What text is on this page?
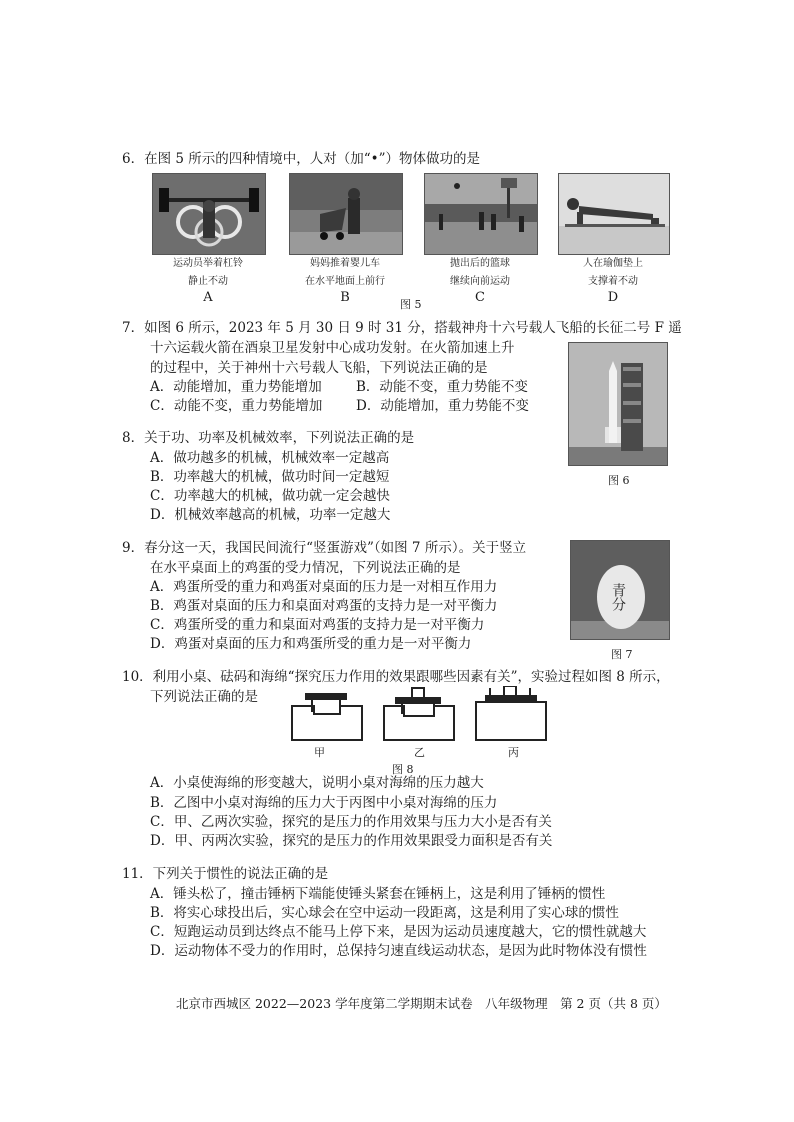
6．在图 5 所示的四种情境中，人对（加“•”）物体做功的是
运动员举着杠铃
静止不动
妈妈推着婴儿车
在水平地面上前行
抛出后的篮球
继续向前运动
人在瑜伽垫上
支撑着不动
A	B	图 5	C	D
7．如图 6 所示，2023 年 5 月 30 日 9 时 31 分，搭载神舟十六号载人飞船的长征二号 F 遥
十六运载火箭在酒泉卫星发射中心成功发射。在火箭加速上升
的过程中，关于神州十六号载人飞船，下列说法正确的是
A．动能增加，重力势能增加	B．动能不变，重力势能不变
C．动能不变，重力势能增加 D．动能增加，重力势能不变
图 6
8．关于功、功率及机械效率，下列说法正确的是
A．做功越多的机械，机械效率一定越高
B．功率越大的机械，做功时间一定越短
C．功率越大的机械，做功就一定会越快
D．机械效率越高的机械，功率一定越大
9．春分这一天，我国民间流行“竖蛋游戏”（如图 7 所示）。关于竖立
在水平桌面上的鸡蛋的受力情况，下列说法正确的是
A．鸡蛋所受的重力和鸡蛋对桌面的压力是一对相互作用力
B．鸡蛋对桌面的压力和桌面对鸡蛋的支持力是一对平衡力
C．鸡蛋所受的重力和桌面对鸡蛋的支持力是一对平衡力
D．鸡蛋对桌面的压力和鸡蛋所受的重力是一对平衡力
青分
图 7
10．利用小桌、砝码和海绵“探究压力作用的效果跟哪些因素有关”，实验过程如图 8 所示，
下列说法正确的是
甲	乙	丙
图 8
A．小桌使海绵的形变越大，说明小桌对海绵的压力越大
B．乙图中小桌对海绵的压力大于丙图中小桌对海绵的压力
C．甲、乙两次实验，探究的是压力的作用效果与压力大小是否有关
D．甲、丙两次实验，探究的是压力的作用效果跟受力面积是否有关
11．下列关于惯性的说法正确的是
A．锤头松了，撞击锤柄下端能使锤头紧套在锤柄上，这是利用了锤柄的惯性
B．将实心球投出后，实心球会在空中运动一段距离，这是利用了实心球的惯性
C．短跑运动员到达终点不能马上停下来，是因为运动员速度越大，它的惯性就越大
D．运动物体不受力的作用时，总保持匀速直线运动状态，是因为此时物体没有惯性
北京市西城区 2022—2023 学年度第二学期期末试卷　八年级物理　第 2 页（共 8 页）
